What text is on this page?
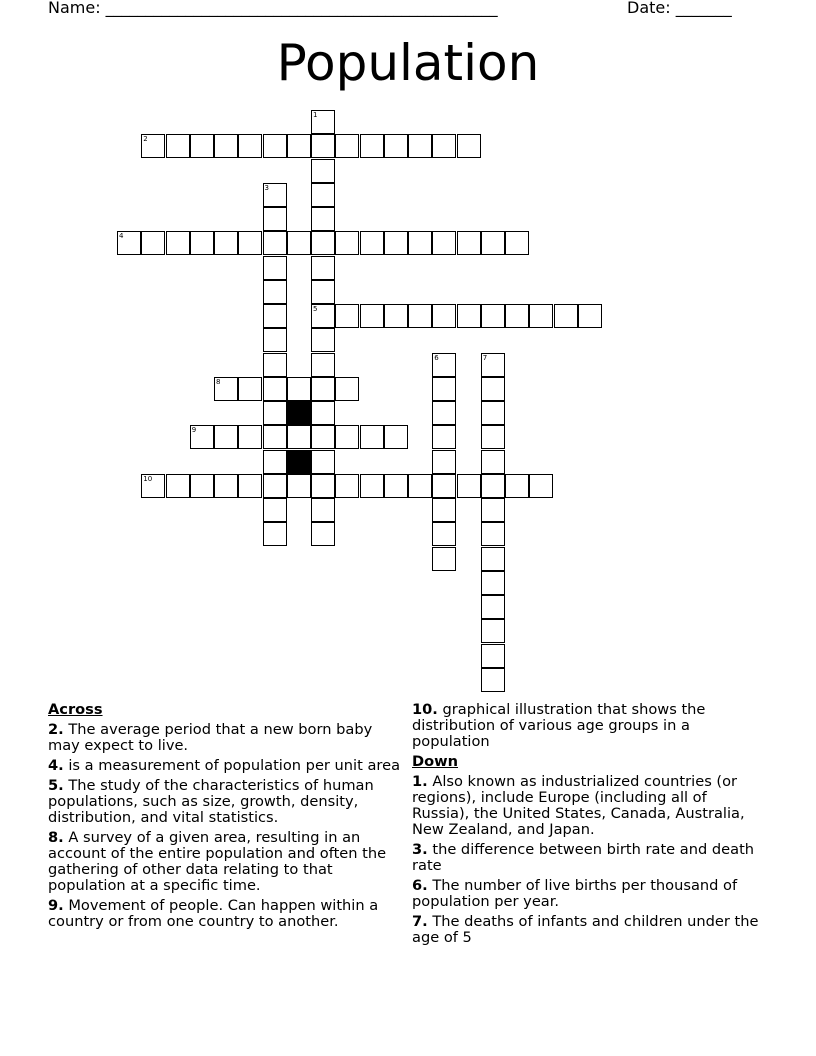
Name: _________________________________________________	Date: _______
Population
1
5
2
3
4
6	7
8
9
10
Across
2. The average period that a new born baby may expect to live.
4. is a measurement of population per unit area
5. The study of the characteristics of human populations, such as size, growth, density, distribution, and vital statistics.
8. A survey of a given area, resulting in an account of the entire population and often the gathering of other data relating to that population at a specific time.
9. Movement of people. Can happen within a country or from one country to another.
10. graphical illustration that shows the distribution of various age groups in a population
Down
1. Also known as industrialized countries (or regions), include Europe (including all of Russia), the United States, Canada, Australia, New Zealand, and Japan.
3. the difference between birth rate and death rate
6. The number of live births per thousand of population per year.
7. The deaths of infants and children under the age of 5
